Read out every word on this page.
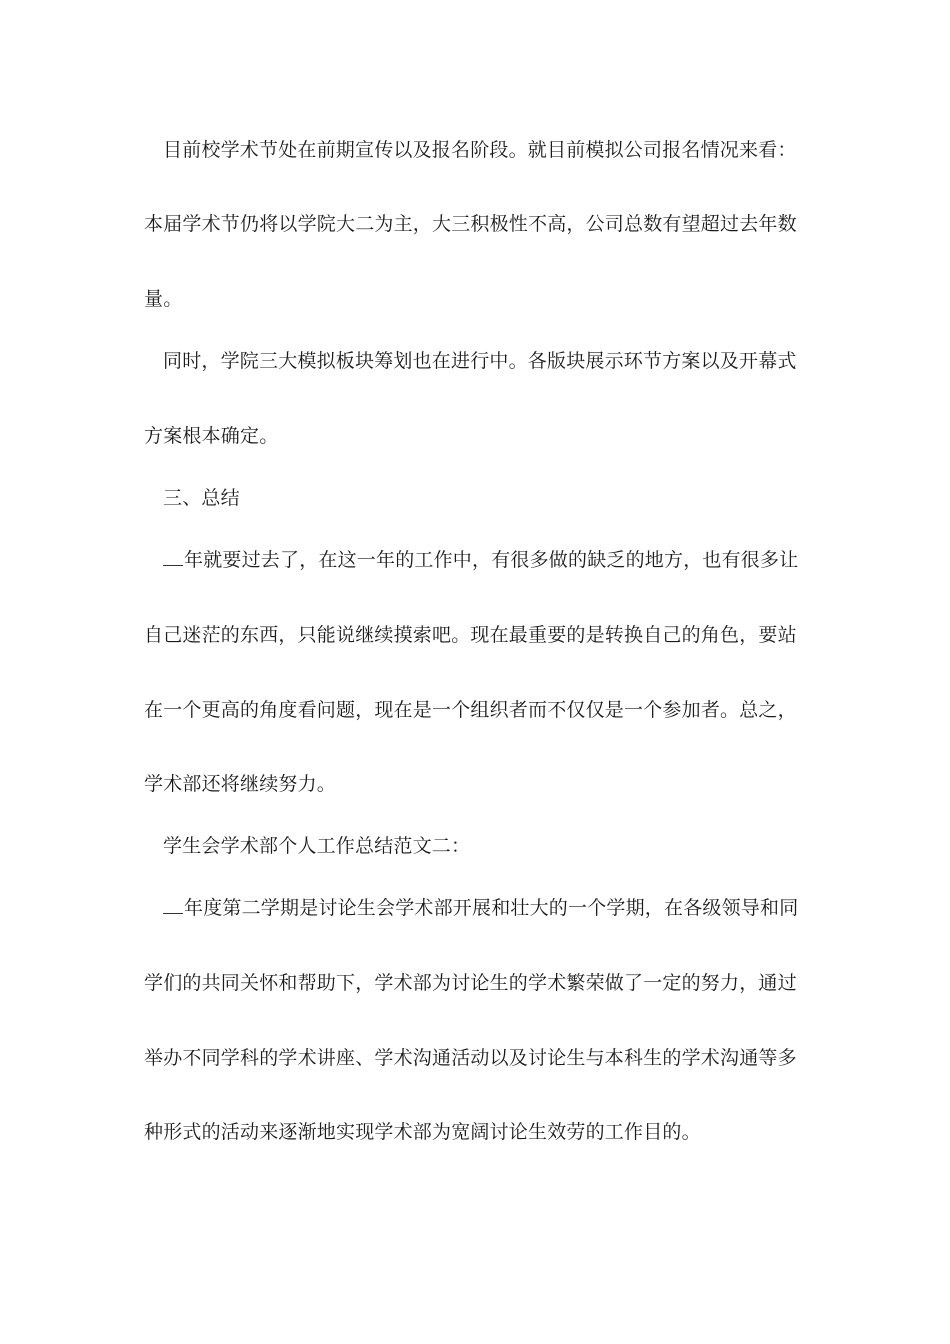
目前校学术节处在前期宣传以及报名阶段。就目前模拟公司报名情况来看：
本届学术节仍将以学院大二为主，大三积极性不高，公司总数有望超过去年数
量。
同时，学院三大模拟板块筹划也在进行中。各版块展示环节方案以及开幕式
方案根本确定。
三、总结
年就要过去了，在这一年的工作中，有很多做的缺乏的地方，也有很多让
自己迷茫的东西，只能说继续摸索吧。现在最重要的是转换自己的角色，要站
在一个更高的角度看问题，现在是一个组织者而不仅仅是一个参加者。总之，
学术部还将继续努力。
学生会学术部个人工作总结范文二：
年度第二学期是讨论生会学术部开展和壮大的一个学期，在各级领导和同
学们的共同关怀和帮助下，学术部为讨论生的学术繁荣做了一定的努力，通过
举办不同学科的学术讲座、学术沟通活动以及讨论生与本科生的学术沟通等多
种形式的活动来逐渐地实现学术部为宽阔讨论生效劳的工作目的。
